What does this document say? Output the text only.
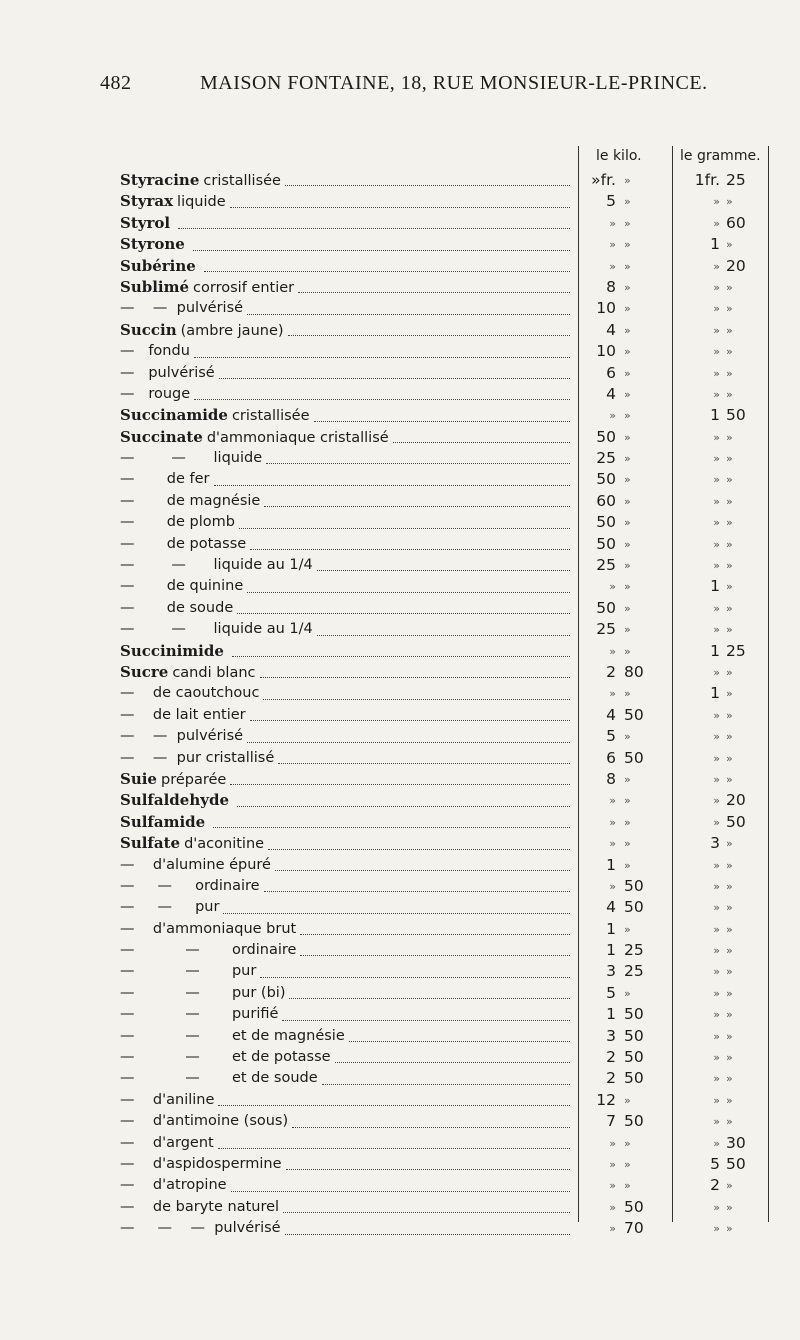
482	MAISON FONTAINE, 18, RUE MONSIEUR-LE-PRINCE.
le kilo.	le gramme.
Styracine cristallisée	»fr. »	1fr. 25
Styrax liquide	5 »	» »
Styrol	» »	» 60
Styrone	» »	1 »
Subérine	» »	» 20
Sublimé corrosif entier	8 »	» »
—    —  pulvérisé	10 »	» »
Succin (ambre jaune)	4 »	» »
—   fondu	10 »	» »
—   pulvérisé	6 »	» »
—   rouge	4 »	» »
Succinamide cristallisée	» »	1 50
Succinate d'ammoniaque cristallisé	50 »	» »
—        —      liquide	25 »	» »
—       de fer	50 »	» »
—       de magnésie	60 »	» »
—       de plomb	50 »	» »
—       de potasse	50 »	» »
—        —      liquide au 1/4	25 »	» »
—       de quinine	» »	1 »
—       de soude	50 »	» »
—        —      liquide au 1/4	25 »	» »
Succinimide	» »	1 25
Sucre candi blanc	2 80	» »
—    de caoutchouc	» »	1 »
—    de lait entier	4 50	» »
—    —  pulvérisé	5 »	» »
—    —  pur cristallisé	6 50	» »
Suie préparée	8 »	» »
Sulfaldehyde	» »	» 20
Sulfamide	» »	» 50
Sulfate d'aconitine	» »	3 »
—    d'alumine épuré	1 »	» »
—     —     ordinaire	» 50	» »
—     —     pur	4 50	» »
—    d'ammoniaque brut	1 »	» »
—           —       ordinaire	1 25	» »
—           —       pur	3 25	» »
—           —       pur (bi)	5 »	» »
—           —       purifié	1 50	» »
—           —       et de magnésie	3 50	» »
—           —       et de potasse	2 50	» »
—           —       et de soude	2 50	» »
—    d'aniline	12 »	» »
—    d'antimoine (sous)	7 50	» »
—    d'argent	» »	» 30
—    d'aspidospermine	» »	5 50
—    d'atropine	» »	2 »
—    de baryte naturel	» 50	» »
—     —    —  pulvérisé	» 70	» »
